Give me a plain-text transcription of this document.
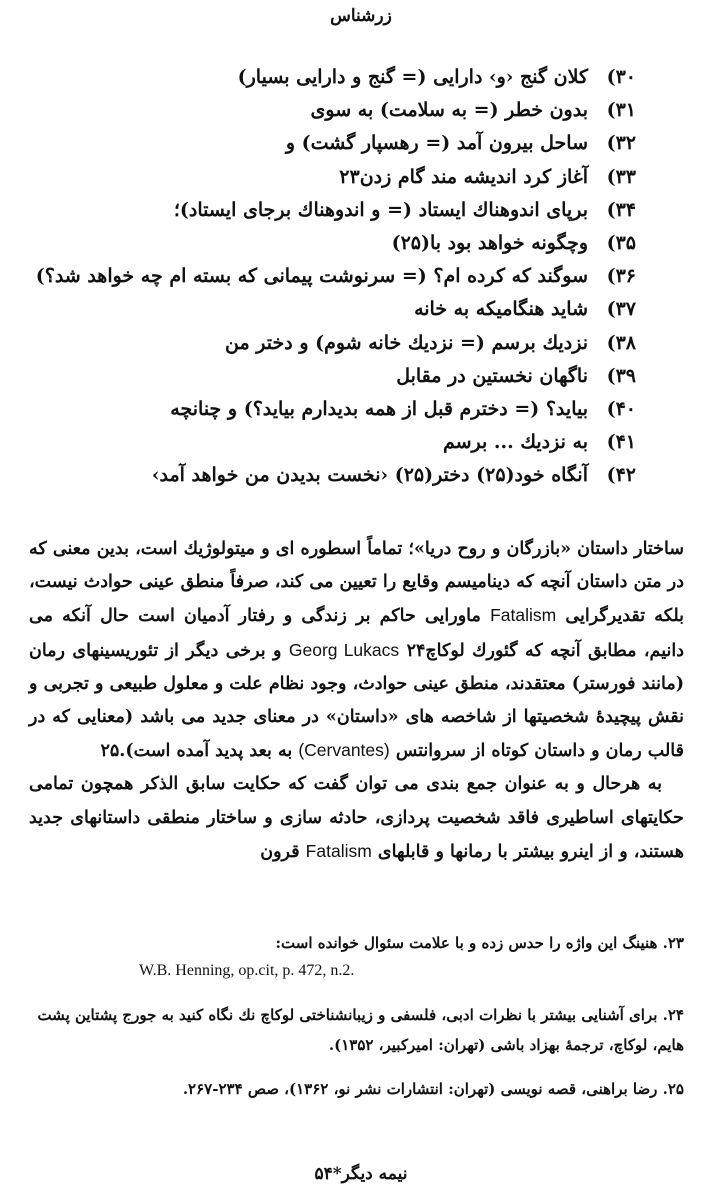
زرشناس
۳۰)
کلان گنج ‹و› دارایی (= گنج و دارایی بسیار)
۳۱)
بدون خطر (= به سلامت) به سوی
۳۲)
ساحل بیرون آمد (= رهسپار گشت) و
۳۳)
آغاز کرد اندیشه مند گام زدن۲۳
۳۴)
برپای اندوهناك ایستاد (= و اندوهناك برجای ایستاد)؛
۳۵)
وچگونه خواهد بود با(۲۵)
۳۶)
سوگند که کرده ام؟ (= سرنوشت پیمانی که بسته ام چه خواهد شد؟)
۳۷)
شاید هنگامیکه به خانه
۳۸)
نزدیك برسم (= نزدیك خانه شوم) و دختر من
۳۹)
ناگهان نخستین در مقابل
۴۰)
بیاید؟ (= دخترم قبل از همه بدیدارم بیاید؟) و چنانچه
۴۱)
به نزدیك ... برسم
۴۲)
آنگاه خود(۲۵) دختر(۲۵) ‹نخست بدیدن من خواهد آمد›

ساختار داستان «بازرگان و روح دریا»؛ تماماً اسطوره ای و میتولوژیك است، بدین معنی که در متن داستان آنچه که دینامیسم وقایع را تعیین می کند، صرفاً منطق عینی حوادث نیست، بلکه تقدیرگرایی Fatalism ماورایی حاکم بر زندگی و رفتار آدمیان است حال آنکه می دانیم، مطابق آنچه که گئورك لوکاچ۲۴ Georg Lukacs و برخی دیگر از تئوریسینهای رمان (مانند فورستر) معتقدند، منطق عینی حوادث، وجود نظام علت و معلول طبیعی و تجربی و نقش پیچیدهٔ شخصیتها از شاخصه های «داستان» در معنای جدید می باشد (معنایی که در قالب رمان و داستان کوتاه از سروانتس (Cervantes) به بعد پدید آمده است).۲۵

به هرحال و به عنوان جمع بندی می توان گفت که حکایت سابق الذکر همچون تمامی حکایتهای اساطیری فاقد شخصیت پردازی، حادثه سازی و ساختار منطقی داستانهای جدید هستند، و از اینرو بیشتر با رمانها و قابلهای Fatalism قرون

۲۳. هنینگ این واژه را حدس زده و با علامت سئوال خوانده است:
W.B. Henning, op.cit, p. 472, n.2.
۲۴. برای آشنایی بیشتر با نظرات ادبی، فلسفی و زیبانشناختی لوکاچ نك نگاه کنید به جورج پشتاین پشت هایم، لوکاچ، ترجمهٔ بهزاد باشی (تهران: امیرکبیر، ۱۳۵۲).
۲۵. رضا براهنی، قصه نویسی (تهران: انتشارات نشر نو، ۱۳۶۲)، صص ۲۳۴-۲۶۷.
نیمه دیگر*۵۴
